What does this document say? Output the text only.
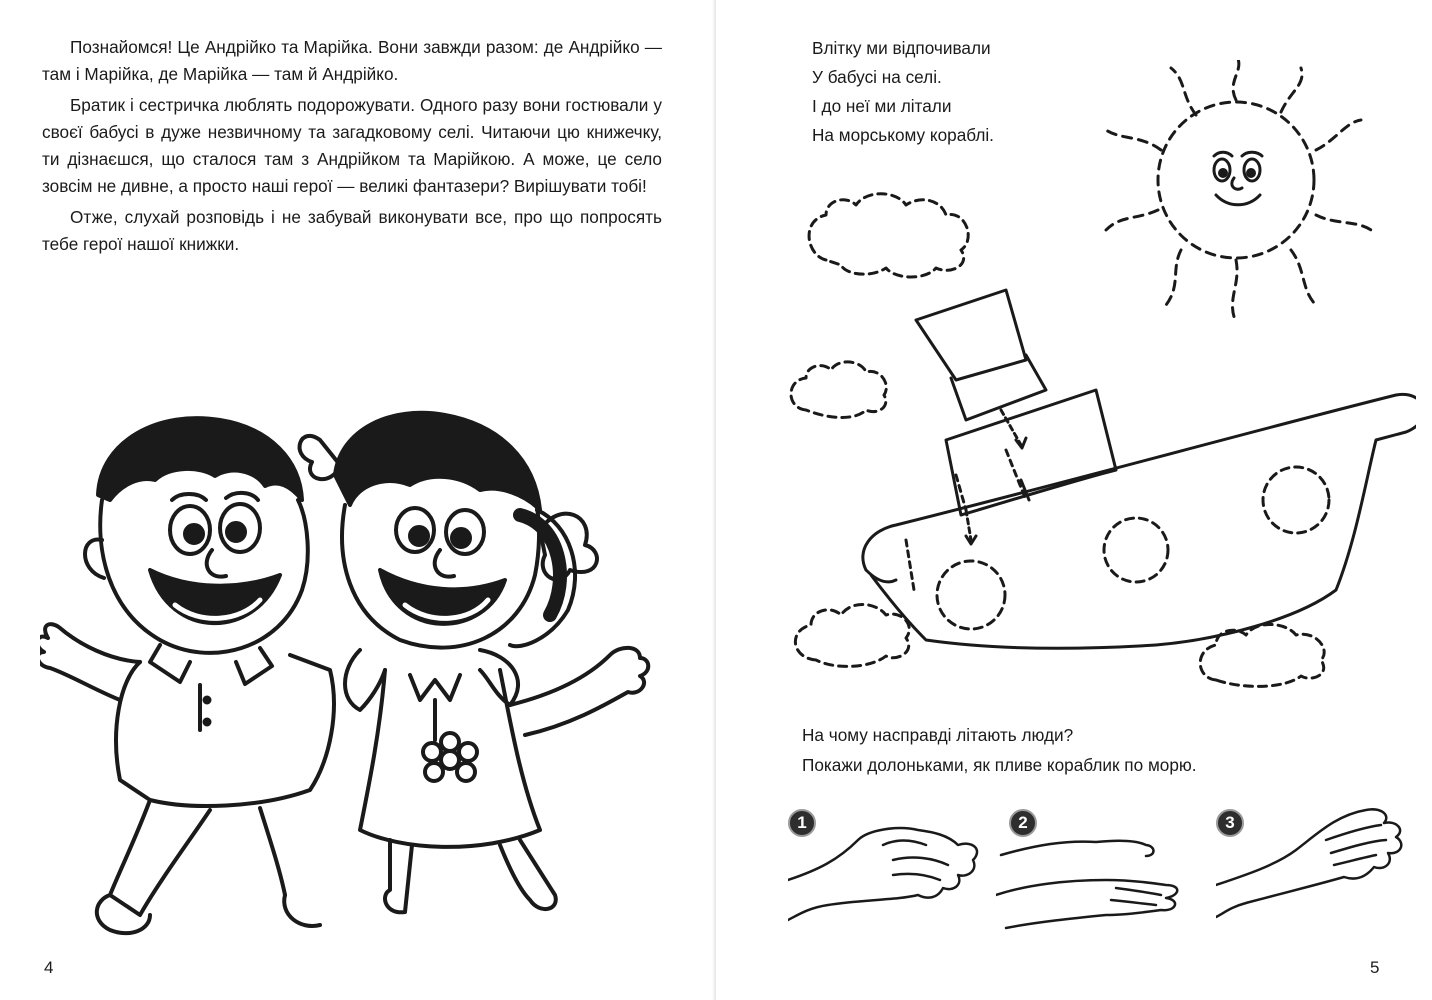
Познайомся! Це Андрійко та Марійка. Вони завжди разом: де Андрійко — там і Марійка, де Марійка — там й Андрійко.

Братик і сестричка люблять подорожувати. Одного разу вони гостювали у своєї бабусі в дуже незвичному та загадковому селі. Читаючи цю книжечку, ти дізнаєшся, що сталося там з Андрійком та Марійкою. А може, це село зовсім не дивне, а просто наші герої — великі фантазери? Вирішувати тобі!

Отже, слухай розповідь і не забувай виконувати все, про що попросять тебе герої нашої книжки.

4
Влітку ми відпочивали
У бабусі на селі.
І до неї ми літали
На морському кораблі.
На чому насправді літають люди?
Покажи долоньками, як пливе кораблик по морю.
1	2	3
5
